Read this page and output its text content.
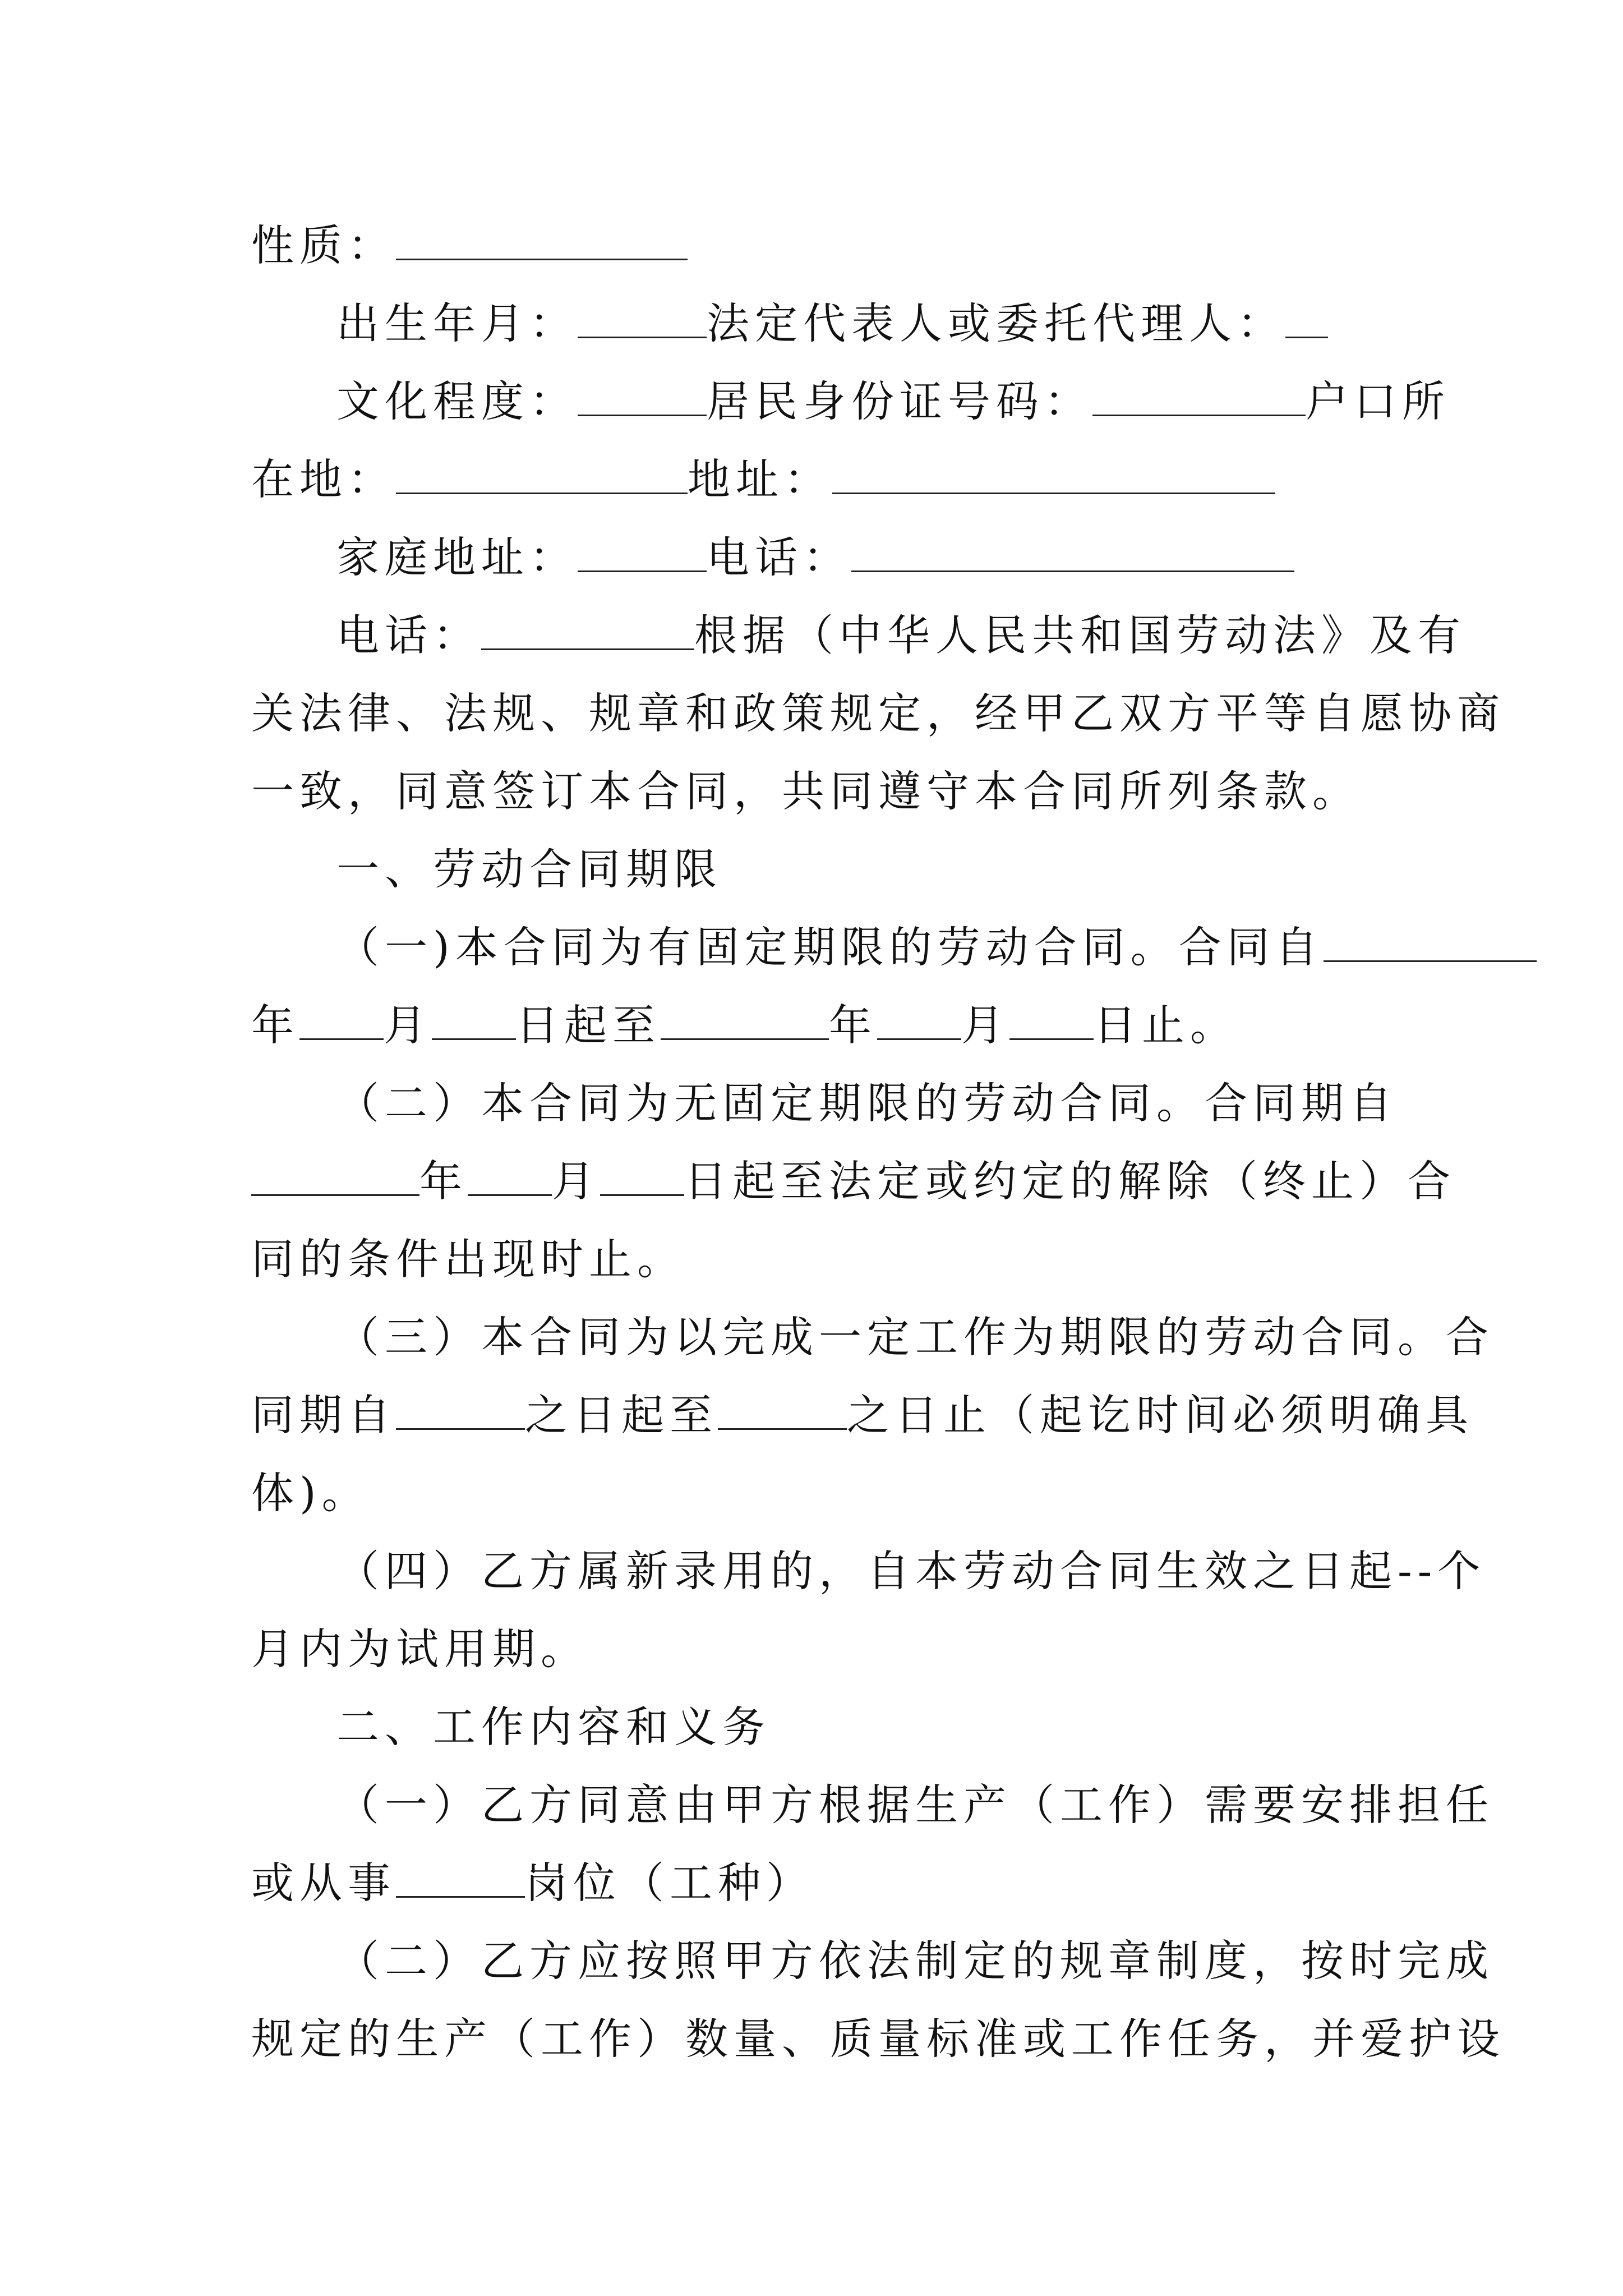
性质：
出生年月：	法定代表人或委托代理人：
文化程度：	居民身份证号码：	户口所
在地：	地址：
家庭地址：	电话：
电话：	根据（中华人民共和国劳动法》及有
关法律、法规、规章和政策规定，经甲乙双方平等自愿协商
一致，同意签订本合同，共同遵守本合同所列条款。
一、劳动合同期限
（一)本合同为有固定期限的劳动合同。合同自
年 月 日起至	年 月 日止。
（二）本合同为无固定期限的劳动合同。合同期自
年 月 日起至法定或约定的解除（终止）合
同的条件出现时止。
（三）本合同为以完成一定工作为期限的劳动合同。合
同期自	之日起至	之日止（起讫时间必须明确具
体)。
（四）乙方属新录用的，自本劳动合同生效之日起--个
月内为试用期。
二、工作内容和义务
（一）乙方同意由甲方根据生产（工作）需要安排担任
或从事	岗位（工种）
（二）乙方应按照甲方依法制定的规章制度，按时完成
规定的生产（工作）数量、质量标准或工作任务，并爱护设
